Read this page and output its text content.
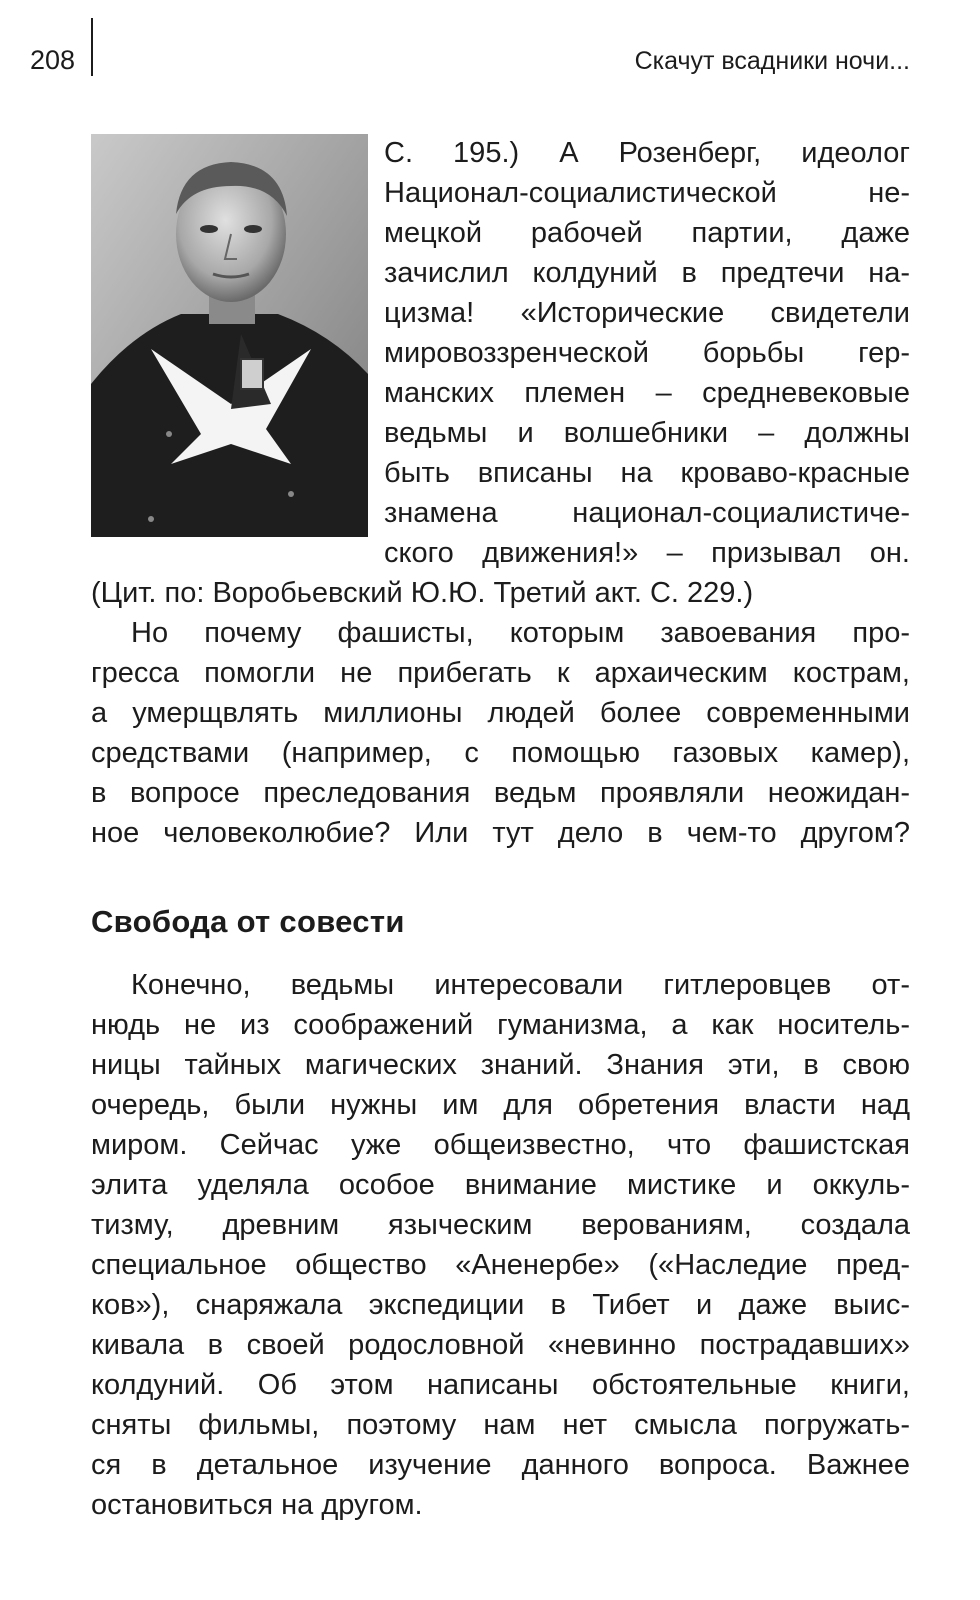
208	Скачут всадники ночи...
С. 195.) А Розенберг, идеолог
Национал-социалистической не-
мецкой рабочей партии, даже
зачислил колдуний в предтечи на-
цизма! «Исторические свидетели
мировоззренческой борьбы гер-
манских племен – средневековые
ведьмы и волшебники – должны
быть вписаны на кроваво-красные
знамена национал-социалистиче-
ского движения!» – призывал он.
(Цит. по: Воробьевский Ю.Ю. Третий акт. С. 229.)
Но почему фашисты, которым завоевания про-
гресса помогли не прибегать к архаическим кострам,
а умерщвлять миллионы людей более современными
средствами (например, с помощью газовых камер),
в вопросе преследования ведьм проявляли неожидан-
ное человеколюбие? Или тут дело в чем-то другом?
Свобода от совести
Конечно, ведьмы интересовали гитлеровцев от-
нюдь не из соображений гуманизма, а как носитель-
ницы тайных магических знаний. Знания эти, в свою
очередь, были нужны им для обретения власти над
миром. Сейчас уже общеизвестно, что фашистская
элита уделяла особое внимание мистике и оккуль-
тизму, древним языческим верованиям, создала
специальное общество «Аненербе» («Наследие пред-
ков»), снаряжала экспедиции в Тибет и даже выис-
кивала в своей родословной «невинно пострадавших»
колдуний. Об этом написаны обстоятельные книги,
сняты фильмы, поэтому нам нет смысла погружать-
ся в детальное изучение данного вопроса. Важнее
остановиться на другом.
